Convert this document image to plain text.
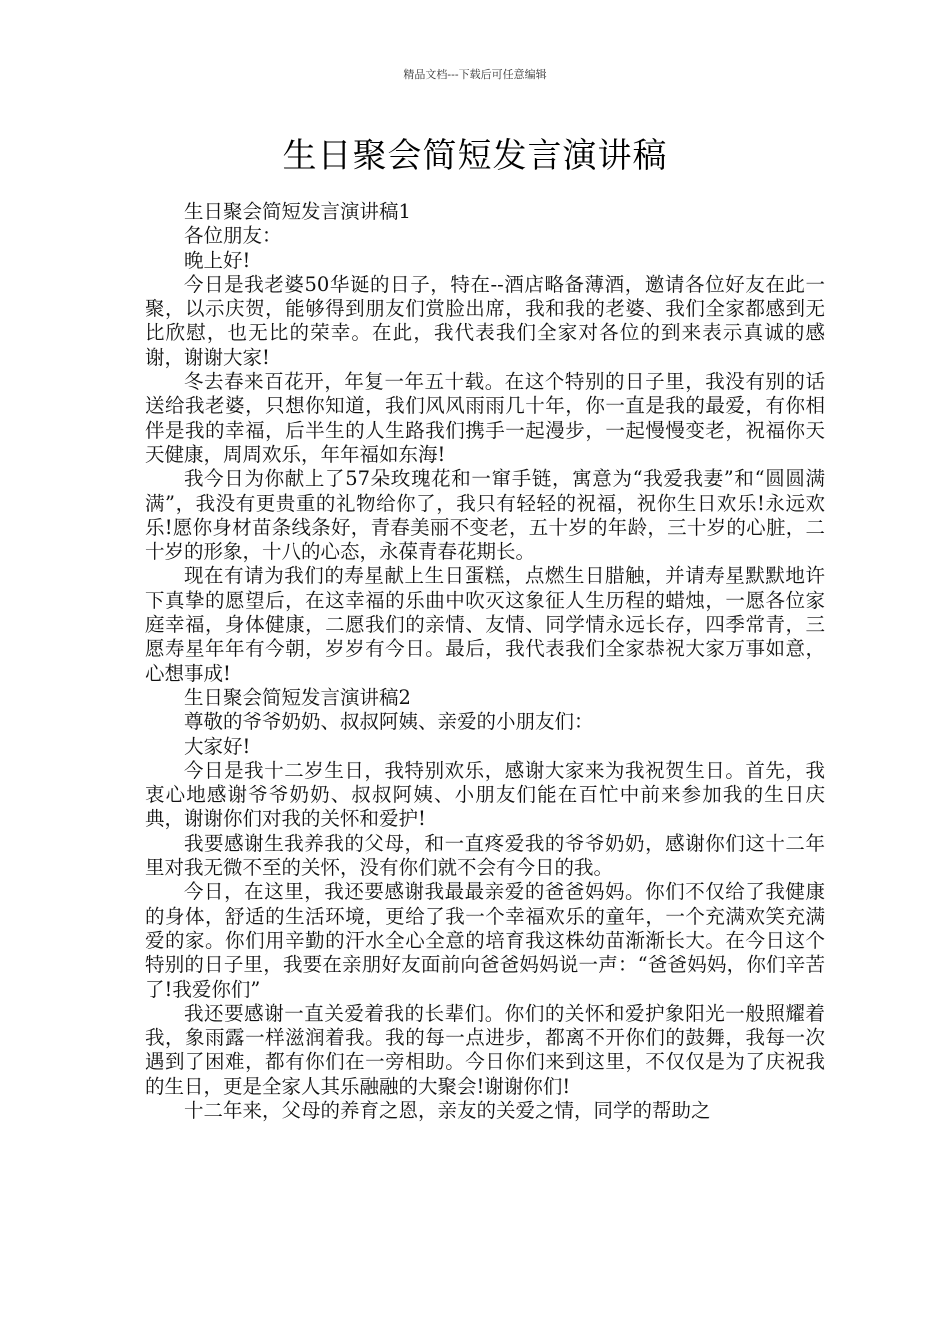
精品文档---下载后可任意编辑
生日聚会简短发言演讲稿

生日聚会简短发言演讲稿1

各位朋友：

晚上好!

今日是我老婆50华诞的日子，特在--酒店略备薄酒，邀请各位好友在此一聚，以示庆贺，能够得到朋友们赏脸出席，我和我的老婆、我们全家都感到无比欣慰，也无比的荣幸。在此，我代表我们全家对各位的到来表示真诚的感谢，谢谢大家!

冬去春来百花开，年复一年五十载。在这个特别的日子里，我没有别的话送给我老婆，只想你知道，我们风风雨雨几十年，你一直是我的最爱，有你相伴是我的幸福，后半生的人生路我们携手一起漫步，一起慢慢变老，祝福你天天健康，周周欢乐，年年福如东海!

我今日为你献上了57朵玫瑰花和一窜手链，寓意为“我爱我妻”和“圆圆满满”，我没有更贵重的礼物给你了，我只有轻轻的祝福，祝你生日欢乐!永远欢乐!愿你身材苗条线条好，青春美丽不变老，五十岁的年龄，三十岁的心脏，二十岁的形象，十八的心态，永葆青春花期长。

现在有请为我们的寿星献上生日蛋糕，点燃生日腊触，并请寿星默默地许下真挚的愿望后，在这幸福的乐曲中吹灭这象征人生历程的蜡烛，一愿各位家庭幸福，身体健康，二愿我们的亲情、友情、同学情永远长存，四季常青，三愿寿星年年有今朝，岁岁有今日。最后，我代表我们全家恭祝大家万事如意，心想事成!

生日聚会简短发言演讲稿2

尊敬的爷爷奶奶、叔叔阿姨、亲爱的小朋友们：

大家好!

今日是我十二岁生日，我特别欢乐，感谢大家来为我祝贺生日。首先，我衷心地感谢爷爷奶奶、叔叔阿姨、小朋友们能在百忙中前来参加我的生日庆典，谢谢你们对我的关怀和爱护!

我要感谢生我养我的父母，和一直疼爱我的爷爷奶奶，感谢你们这十二年里对我无微不至的关怀，没有你们就不会有今日的我。

今日，在这里，我还要感谢我最最亲爱的爸爸妈妈。你们不仅给了我健康的身体，舒适的生活环境，更给了我一个幸福欢乐的童年，一个充满欢笑充满爱的家。你们用辛勤的汗水全心全意的培育我这株幼苗渐渐长大。在今日这个特别的日子里，我要在亲朋好友面前向爸爸妈妈说一声：“爸爸妈妈，你们辛苦了!我爱你们”

我还要感谢一直关爱着我的长辈们。你们的关怀和爱护象阳光一般照耀着我，象雨露一样滋润着我。我的每一点进步，都离不开你们的鼓舞，我每一次遇到了困难，都有你们在一旁相助。今日你们来到这里，不仅仅是为了庆祝我的生日，更是全家人其乐融融的大聚会!谢谢你们!

十二年来，父母的养育之恩，亲友的关爱之情，同学的帮助之
